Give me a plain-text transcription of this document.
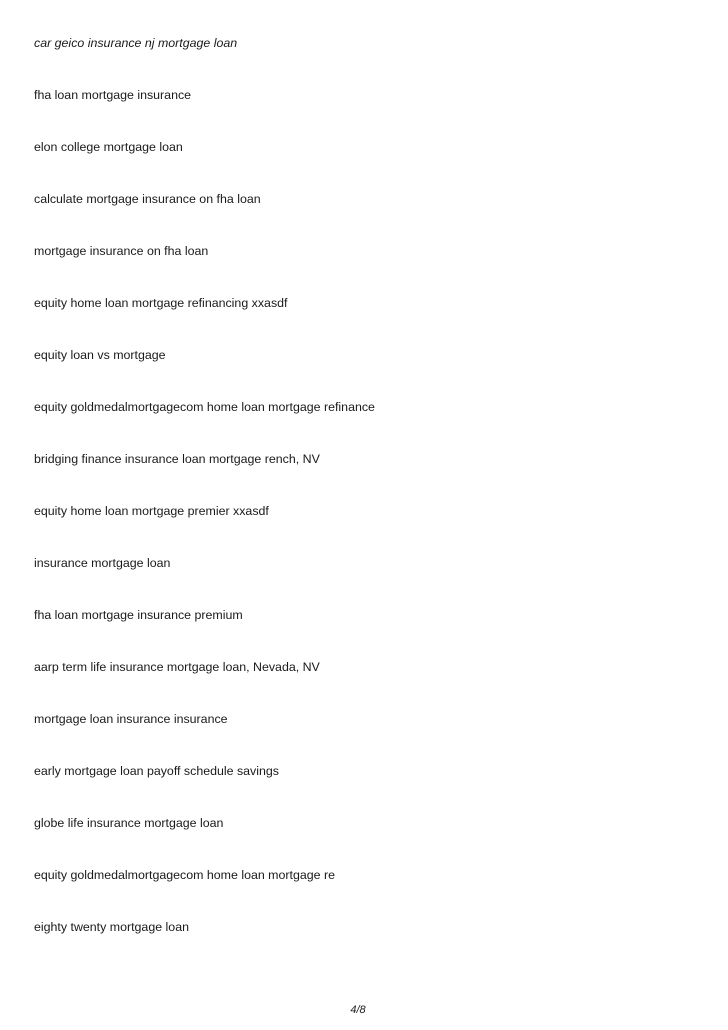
car geico insurance nj mortgage loan
fha loan mortgage insurance
elon college mortgage loan
calculate mortgage insurance on fha loan
mortgage insurance on fha loan
equity home loan mortgage refinancing xxasdf
equity loan vs mortgage
equity goldmedalmortgagecom home loan mortgage refinance
bridging finance insurance loan mortgage rench, NV
equity home loan mortgage premier xxasdf
insurance mortgage loan
fha loan mortgage insurance premium
aarp term life insurance mortgage loan, Nevada, NV
mortgage loan insurance insurance
early mortgage loan payoff schedule savings
globe life insurance mortgage loan
equity goldmedalmortgagecom home loan mortgage re
eighty twenty mortgage loan
4/8
